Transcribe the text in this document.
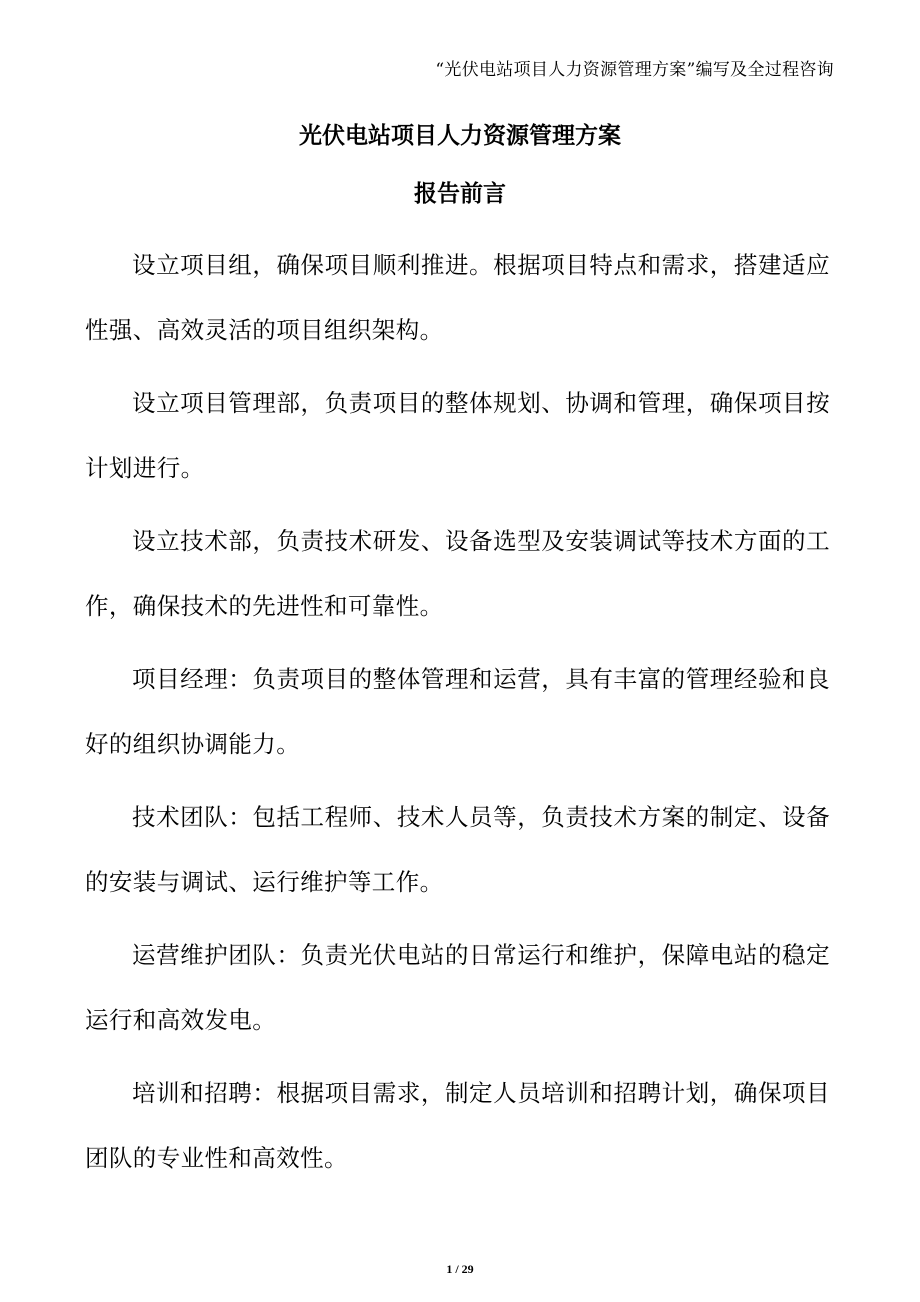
“光伏电站项目人力资源管理方案”编写及全过程咨询
光伏电站项目人力资源管理方案
报告前言

设立项目组，确保项目顺利推进。根据项目特点和需求，搭建适应性强、高效灵活的项目组织架构。

设立项目管理部，负责项目的整体规划、协调和管理，确保项目按计划进行。

设立技术部，负责技术研发、设备选型及安装调试等技术方面的工作，确保技术的先进性和可靠性。

项目经理：负责项目的整体管理和运营，具有丰富的管理经验和良好的组织协调能力。

技术团队：包括工程师、技术人员等，负责技术方案的制定、设备的安装与调试、运行维护等工作。

运营维护团队：负责光伏电站的日常运行和维护，保障电站的稳定运行和高效发电。

培训和招聘：根据项目需求，制定人员培训和招聘计划，确保项目团队的专业性和高效性。

1 / 29
